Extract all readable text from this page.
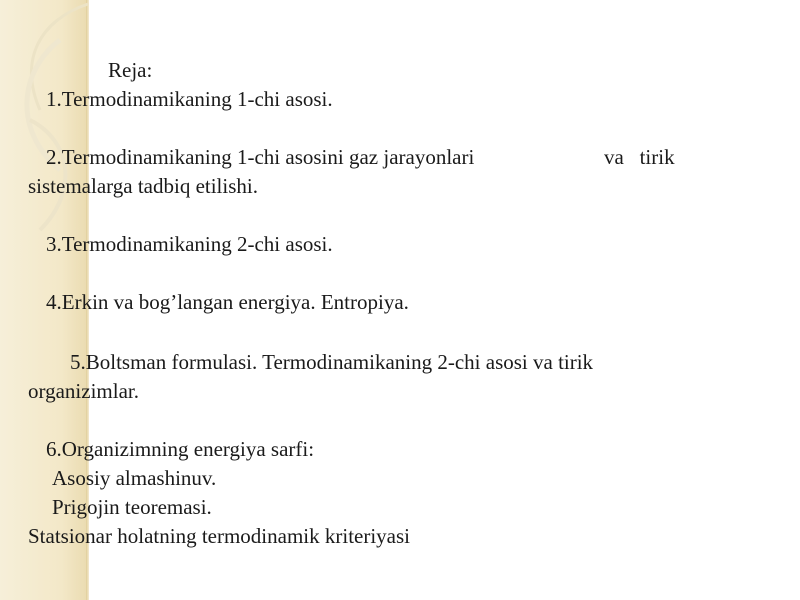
Reja:
1.Termodinamikaning 1-chi asosi.
2.Termodinamikaning 1-chi asosini gaz jarayonlari	va   tirik
sistemalarga tadbiq etilishi.
3.Termodinamikaning 2-chi asosi.
4.Erkin va bog’langan energiya. Entropiya.
5.Boltsman formulasi. Termodinamikaning 2-chi asosi va tirik
organizimlar.
6.Organizimning energiya sarfi:
Asosiy almashinuv.
Prigojin teoremasi.
Statsionar holatning termodinamik kriteriyasi
